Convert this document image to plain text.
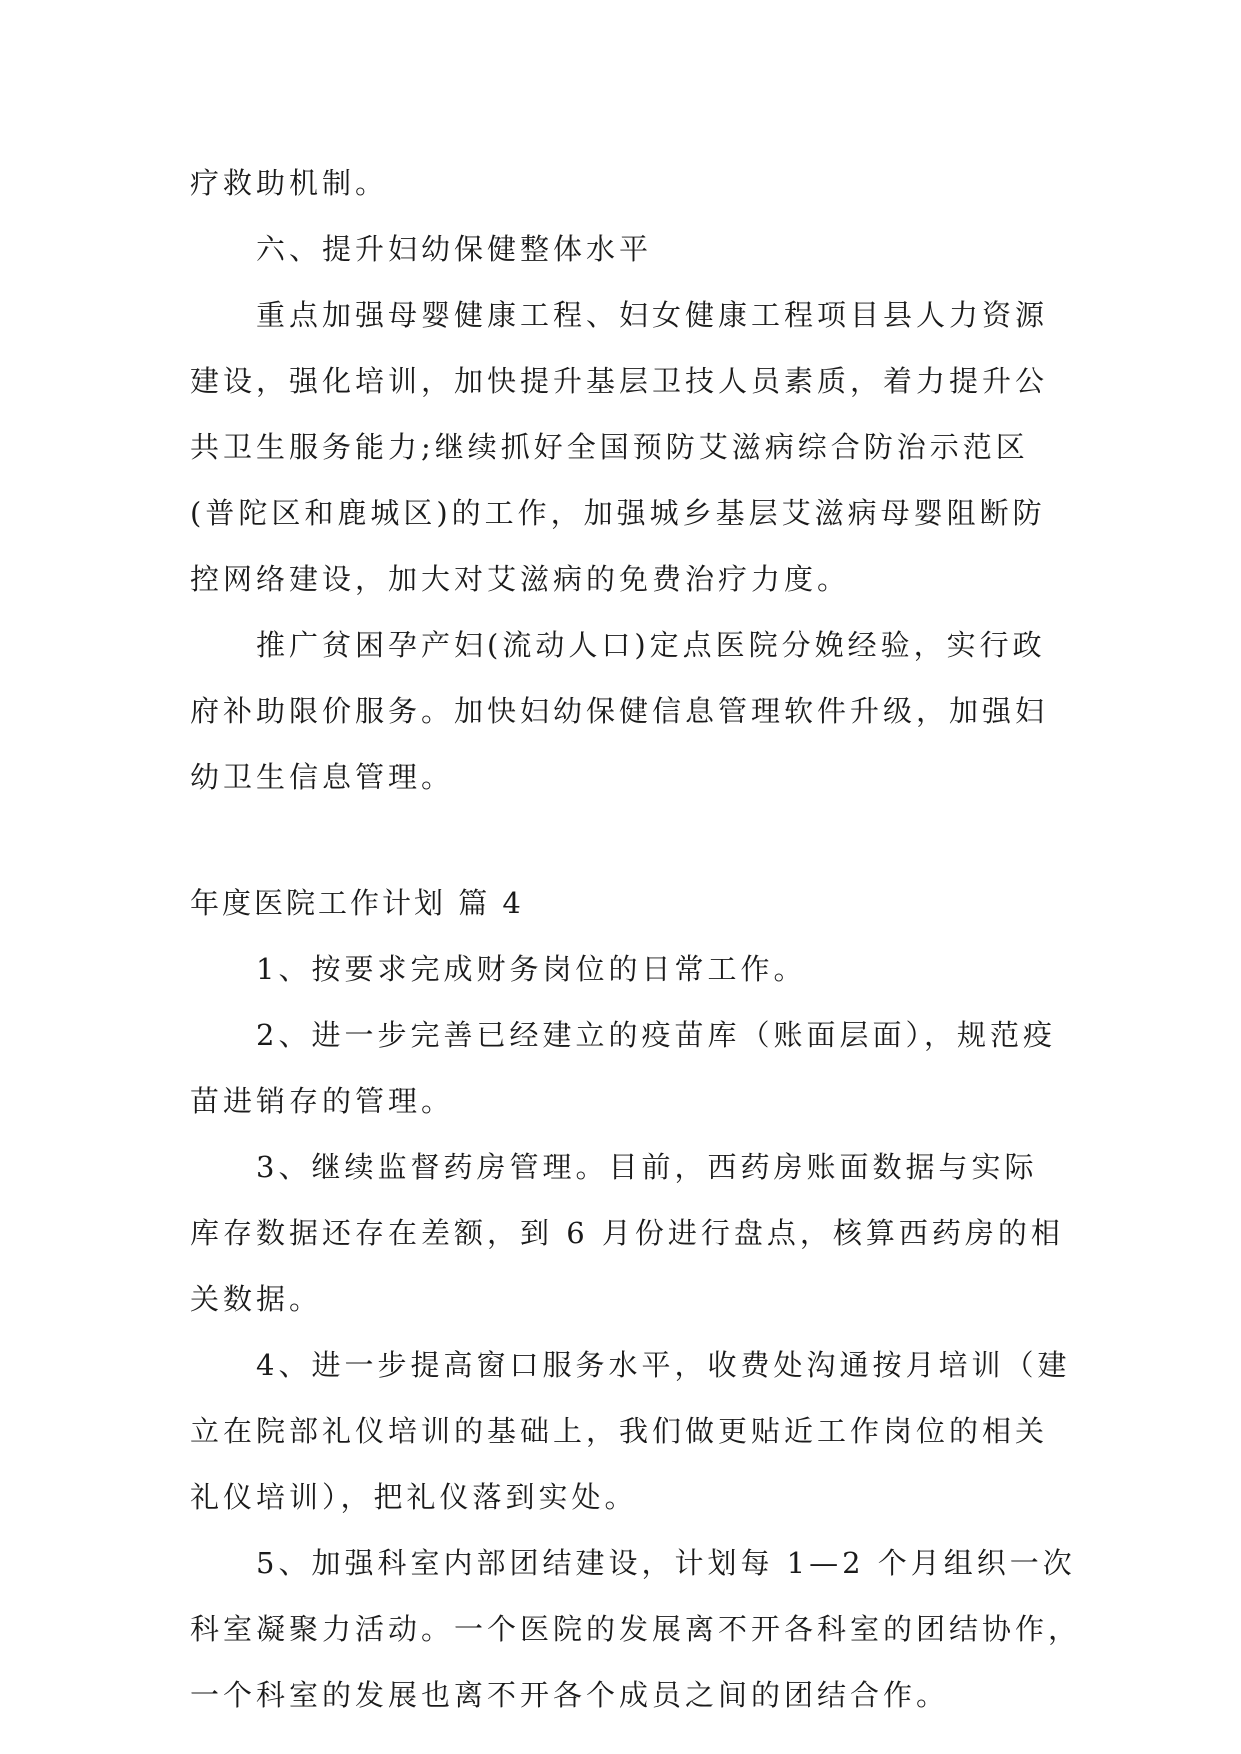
疗救助机制。
六、提升妇幼保健整体水平
重点加强母婴健康工程、妇女健康工程项目县人力资源
建设，强化培训，加快提升基层卫技人员素质，着力提升公
共卫生服务能力;继续抓好全国预防艾滋病综合防治示范区
(普陀区和鹿城区)的工作，加强城乡基层艾滋病母婴阻断防
控网络建设，加大对艾滋病的免费治疗力度。
推广贫困孕产妇(流动人口)定点医院分娩经验，实行政
府补助限价服务。加快妇幼保健信息管理软件升级，加强妇
幼卫生信息管理。
年度医院工作计划 篇 4
1、按要求完成财务岗位的日常工作。
2、进一步完善已经建立的疫苗库（账面层面），规范疫
苗进销存的管理。
3、继续监督药房管理。目前，西药房账面数据与实际
库存数据还存在差额，到 6 月份进行盘点，核算西药房的相
关数据。
4、进一步提高窗口服务水平，收费处沟通按月培训（建
立在院部礼仪培训的基础上，我们做更贴近工作岗位的相关
礼仪培训），把礼仪落到实处。
5、加强科室内部团结建设，计划每 1—2 个月组织一次
科室凝聚力活动。一个医院的发展离不开各科室的团结协作，
一个科室的发展也离不开各个成员之间的团结合作。
